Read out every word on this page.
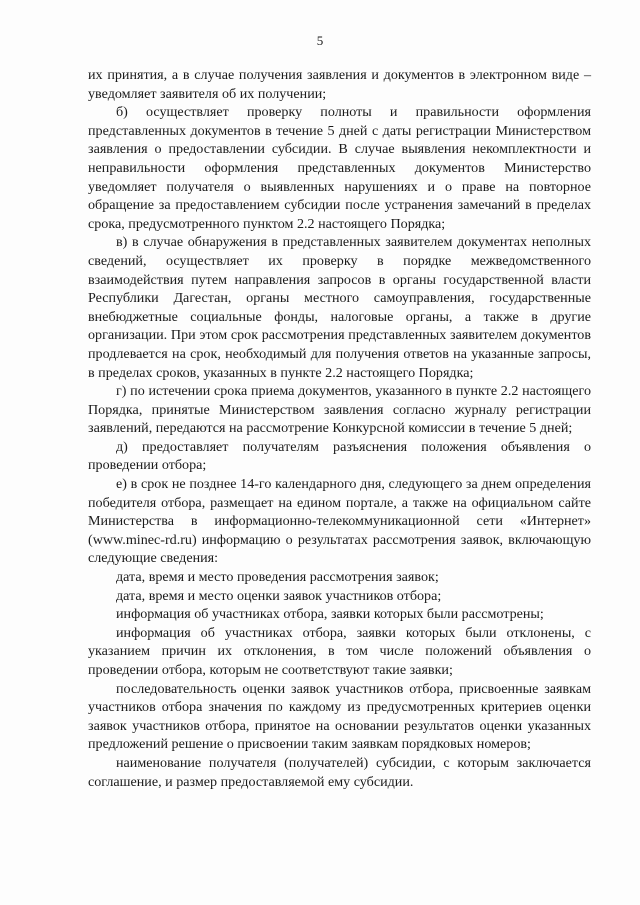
5

их принятия, а в случае получения заявления и документов в электронном виде – уведомляет заявителя об их получении;

б) осуществляет проверку полноты и правильности оформления представленных документов в течение 5 дней с даты регистрации Министерством заявления о предоставлении субсидии. В случае выявления некомплектности и неправильности оформления представленных документов Министерство уведомляет получателя о выявленных нарушениях и о праве на повторное обращение за предоставлением субсидии после устранения замечаний в пределах срока, предусмотренного пунктом 2.2 настоящего Порядка;

в) в случае обнаружения в представленных заявителем документах неполных сведений, осуществляет их проверку в порядке межведомственного взаимодействия путем направления запросов в органы государственной власти Республики Дагестан, органы местного самоуправления, государственные внебюджетные социальные фонды, налоговые органы, а также в другие организации. При этом срок рассмотрения представленных заявителем документов продлевается на срок, необходимый для получения ответов на указанные запросы, в пределах сроков, указанных в пункте 2.2 настоящего Порядка;

г) по истечении срока приема документов, указанного в пункте 2.2 настоящего Порядка, принятые Министерством заявления согласно журналу регистрации заявлений, передаются на рассмотрение Конкурсной комиссии в течение 5 дней;

д) предоставляет получателям разъяснения положения объявления о проведении отбора;

е) в срок не позднее 14-го календарного дня, следующего за днем определения победителя отбора, размещает на едином портале, а также на официальном сайте Министерства в информационно-телекоммуникационной сети «Интернет» (www.minec-rd.ru) информацию о результатах рассмотрения заявок, включающую следующие сведения:

дата, время и место проведения рассмотрения заявок;

дата, время и место оценки заявок участников отбора;

информация об участниках отбора, заявки которых были рассмотрены;

информация об участниках отбора, заявки которых были отклонены, с указанием причин их отклонения, в том числе положений объявления о проведении отбора, которым не соответствуют такие заявки;

последовательность оценки заявок участников отбора, присвоенные заявкам участников отбора значения по каждому из предусмотренных критериев оценки заявок участников отбора, принятое на основании результатов оценки указанных предложений решение о присвоении таким заявкам порядковых номеров;

наименование получателя (получателей) субсидии, с которым заключается соглашение, и размер предоставляемой ему субсидии.
